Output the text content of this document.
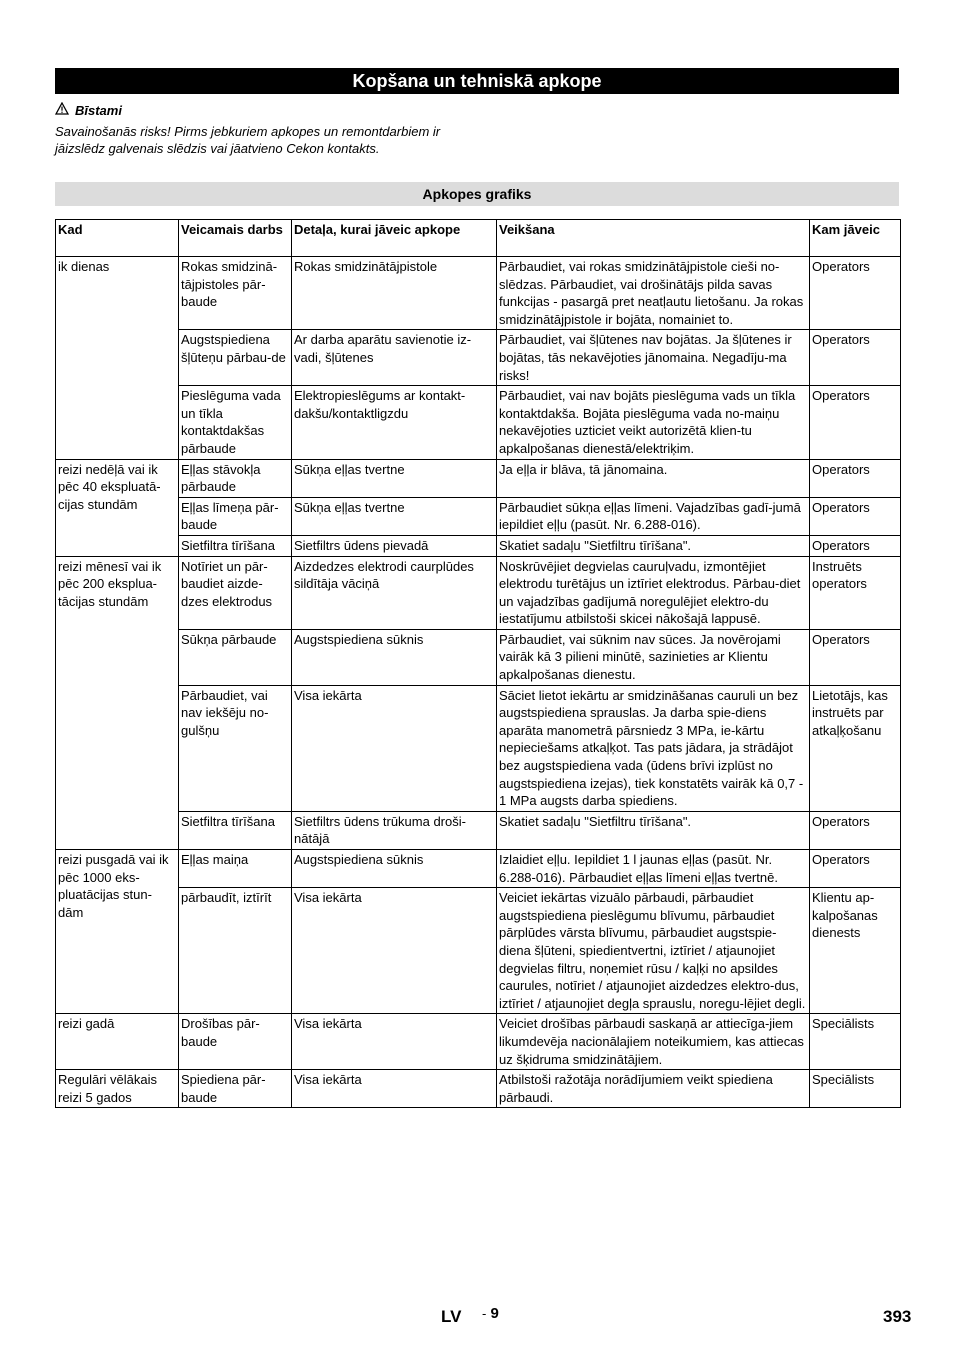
Kopšana un tehniskā apkope
Bīstami
Savainošanās risks! Pirms jebkuriem apkopes un remontdarbiem ir jāizslēdz galvenais slēdzis vai jāatvieno Cekon kontakts.
Apkopes grafiks
Kad	Veicamais darbs	Detaļa, kurai jāveic apkope	Veikšana	Kam jāveic
ik dienas	Rokas smidzinā-tājpistoles pār-baude	Rokas smidzinātājpistole	Pārbaudiet, vai rokas smidzinātājpistole cieši no-slēdzas. Pārbaudiet, vai drošinātājs pilda savas funkcijas - pasargā pret neatļautu lietošanu. Ja rokas smidzinātājpistole ir bojāta, nomainiet to.	Operators
	Augstspiediena šļūteņu pārbau-de	Ar darba aparātu savienotie iz-vadi, šļūtenes	Pārbaudiet, vai šļūtenes nav bojātas. Ja šļūtenes ir bojātas, tās nekavējoties jānomaina. Negadīju-ma risks!	Operators
	Pieslēguma vada un tīkla kontaktdakšas pārbaude	Elektropieslēgums ar kontakt-dakšu/kontaktligzdu	Pārbaudiet, vai nav bojāts pieslēguma vads un tīkla kontaktdakša. Bojāta pieslēguma vada no-maiņu nekavējoties uzticiet veikt autorizētā klien-tu apkalpošanas dienestā/elektriķim.	Operators
reizi nedēļā vai ik pēc 40 ekspluatā-cijas stundām	Eļļas stāvokļa pārbaude	Sūkņa eļļas tvertne	Ja eļļa ir blāva, tā jānomaina.	Operators
	Eļļas līmeņa pār-baude	Sūkņa eļļas tvertne	Pārbaudiet sūkņa eļļas līmeni. Vajadzības gadī-jumā iepildiet eļļu (pasūt. Nr. 6.288-016).	Operators
	Sietfiltra tīrīšana	Sietfiltrs ūdens pievadā	Skatiet sadaļu "Sietfiltru tīrīšana".	Operators
reizi mēnesī vai ik pēc 200 eksplua-tācijas stundām	Notīriet un pār-baudiet aizde-dzes elektrodus	Aizdedzes elektrodi caurplūdes sildītāja vāciņā	Noskrūvējiet degvielas cauruļvadu, izmontējiet elektrodu turētājus un iztīriet elektrodus. Pārbau-diet un vajadzības gadījumā noregulējiet elektro-du iestatījumu atbilstoši skicei nākošajā lappusē.	Instruēts operators
	Sūkņa pārbaude	Augstspiediena sūknis	Pārbaudiet, vai sūknim nav sūces. Ja novērojami vairāk kā 3 pilieni minūtē, sazinieties ar Klientu apkalpošanas dienestu.	Operators
	Pārbaudiet, vai nav iekšēju no-gulšņu	Visa iekārta	Sāciet lietot iekārtu ar smidzināšanas cauruli un bez augstspiediena sprauslas. Ja darba spie-diens aparāta manometrā pārsniedz 3 MPa, ie-kārtu nepieciešams atkaļķot. Tas pats jādara, ja strādājot bez augstspiediena vada (ūdens brīvi izplūst no augstspiediena izejas), tiek konstatēts vairāk kā 0,7 - 1 MPa augsts darba spiediens.	Lietotājs, kas instruēts par atkaļķošanu
	Sietfiltra tīrīšana	Sietfiltrs ūdens trūkuma droši-nātājā	Skatiet sadaļu "Sietfiltru tīrīšana".	Operators
reizi pusgadā vai ik pēc 1000 eks-pluatācijas stun-dām	Eļļas maiņa	Augstspiediena sūknis	Izlaidiet eļļu. Iepildiet 1 l jaunas eļļas (pasūt. Nr. 6.288-016). Pārbaudiet eļļas līmeni eļļas tvertnē.	Operators
	pārbaudīt, iztīrīt	Visa iekārta	Veiciet iekārtas vizuālo pārbaudi, pārbaudiet augstspiediena pieslēgumu blīvumu, pārbaudiet pārplūdes vārsta blīvumu, pārbaudiet augstspie-diena šļūteni, spiedientvertni, iztīriet / atjaunojiet degvielas filtru, noņemiet rūsu / kaļķi no apsildes caurules, notīriet / atjaunojiet aizdedzes elektro-dus, iztīriet / atjaunojiet degļa sprauslu, noregu-lējiet degli.	Klientu ap-kalpošanas dienests
reizi gadā	Drošības pār-baude	Visa iekārta	Veiciet drošības pārbaudi saskaņā ar attiecīga-jiem likumdevēja nacionālajiem noteikumiem, kas attiecas uz šķidruma smidzinātājiem.	Speciālists
Regulāri vēlākais reizi 5 gados	Spiediena pār-baude	Visa iekārta	Atbilstoši ražotāja norādījumiem veikt spiediena pārbaudi.	Speciālists
LV - 9	393
